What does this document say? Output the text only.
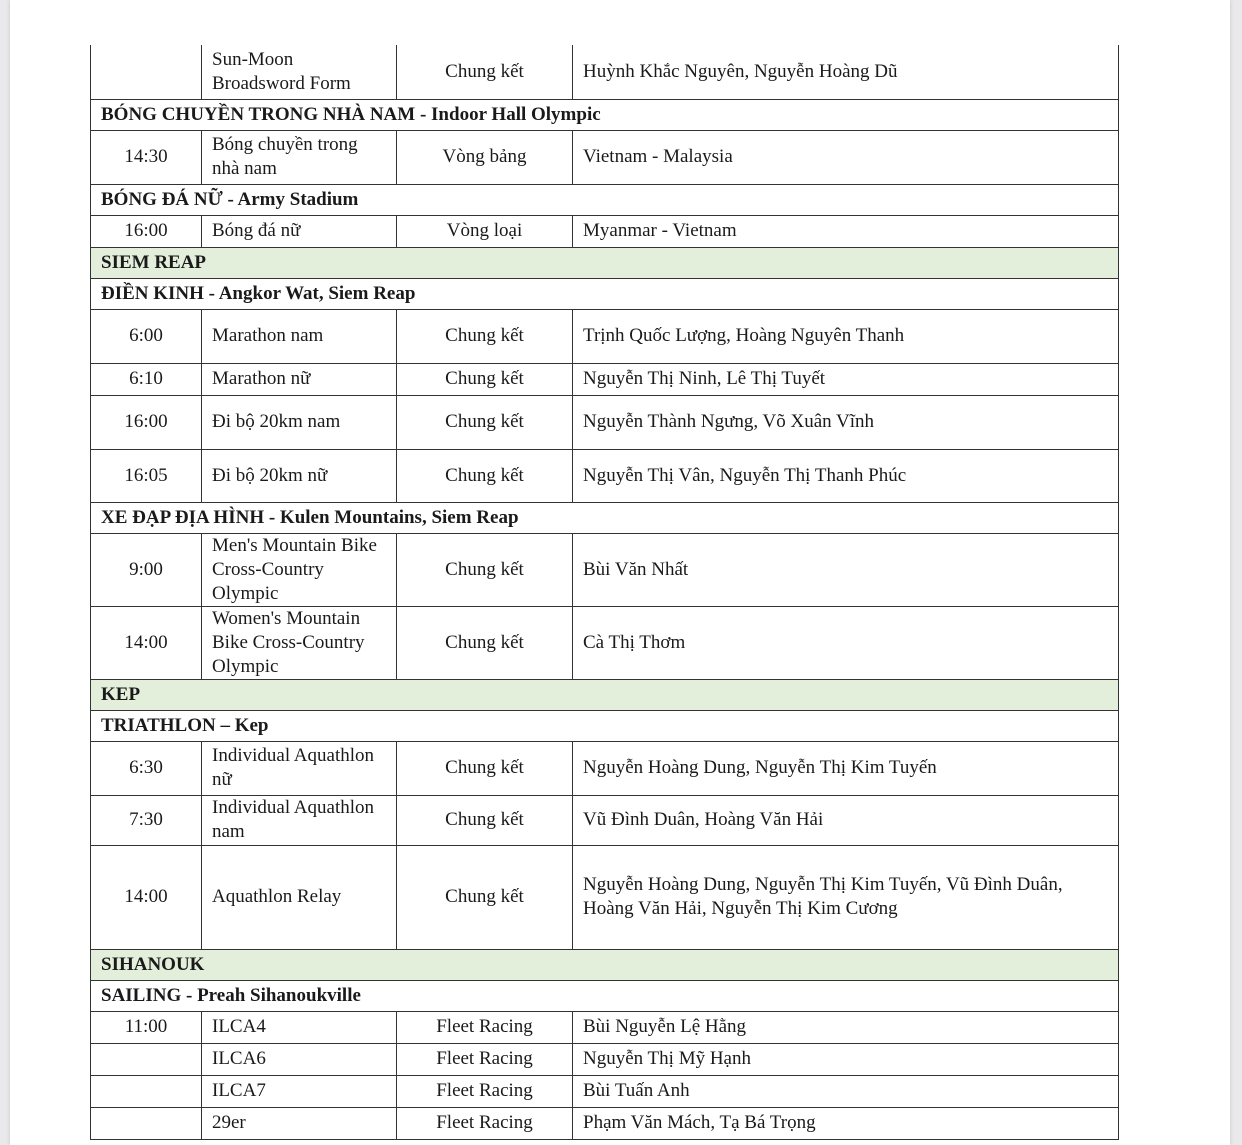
	Sun-Moon Broadsword Form	Chung kết	Huỳnh Khắc Nguyên, Nguyễn Hoàng Dũ
BÓNG CHUYỀN TRONG NHÀ NAM - Indoor Hall Olympic			
14:30	Bóng chuyền trong nhà nam	Vòng bảng	Vietnam - Malaysia
BÓNG ĐÁ NỮ - Army Stadium			
16:00	Bóng đá nữ	Vòng loại	Myanmar - Vietnam
SIEM REAP			
ĐIỀN KINH - Angkor Wat, Siem Reap			
6:00	Marathon nam	Chung kết	Trịnh Quốc Lượng, Hoàng Nguyên Thanh
6:10	Marathon nữ	Chung kết	Nguyễn Thị Ninh, Lê Thị Tuyết
16:00	Đi bộ 20km nam	Chung kết	Nguyễn Thành Ngưng, Võ Xuân Vĩnh
16:05	Đi bộ 20km nữ	Chung kết	Nguyễn Thị Vân, Nguyễn Thị Thanh Phúc
XE ĐẠP ĐỊA HÌNH - Kulen Mountains, Siem Reap			
9:00	Men's Mountain Bike Cross-Country Olympic	Chung kết	Bùi Văn Nhất
14:00	Women's Mountain Bike Cross-Country Olympic	Chung kết	Cà Thị Thơm
KEP			
TRIATHLON – Kep			
6:30	Individual Aquathlon nữ	Chung kết	Nguyễn Hoàng Dung, Nguyễn Thị Kim Tuyến
7:30	Individual Aquathlon nam	Chung kết	Vũ Đình Duân, Hoàng Văn Hải
14:00	Aquathlon Relay	Chung kết	Nguyễn Hoàng Dung, Nguyễn Thị Kim Tuyến, Vũ Đình Duân, Hoàng Văn Hải, Nguyễn Thị Kim Cương
SIHANOUK			
SAILING - Preah Sihanoukville			
11:00	ILCA4	Fleet Racing	Bùi Nguyễn Lệ Hằng
	ILCA6	Fleet Racing	Nguyễn Thị Mỹ Hạnh
	ILCA7	Fleet Racing	Bùi Tuấn Anh
	29er	Fleet Racing	Phạm Văn Mách, Tạ Bá Trọng
